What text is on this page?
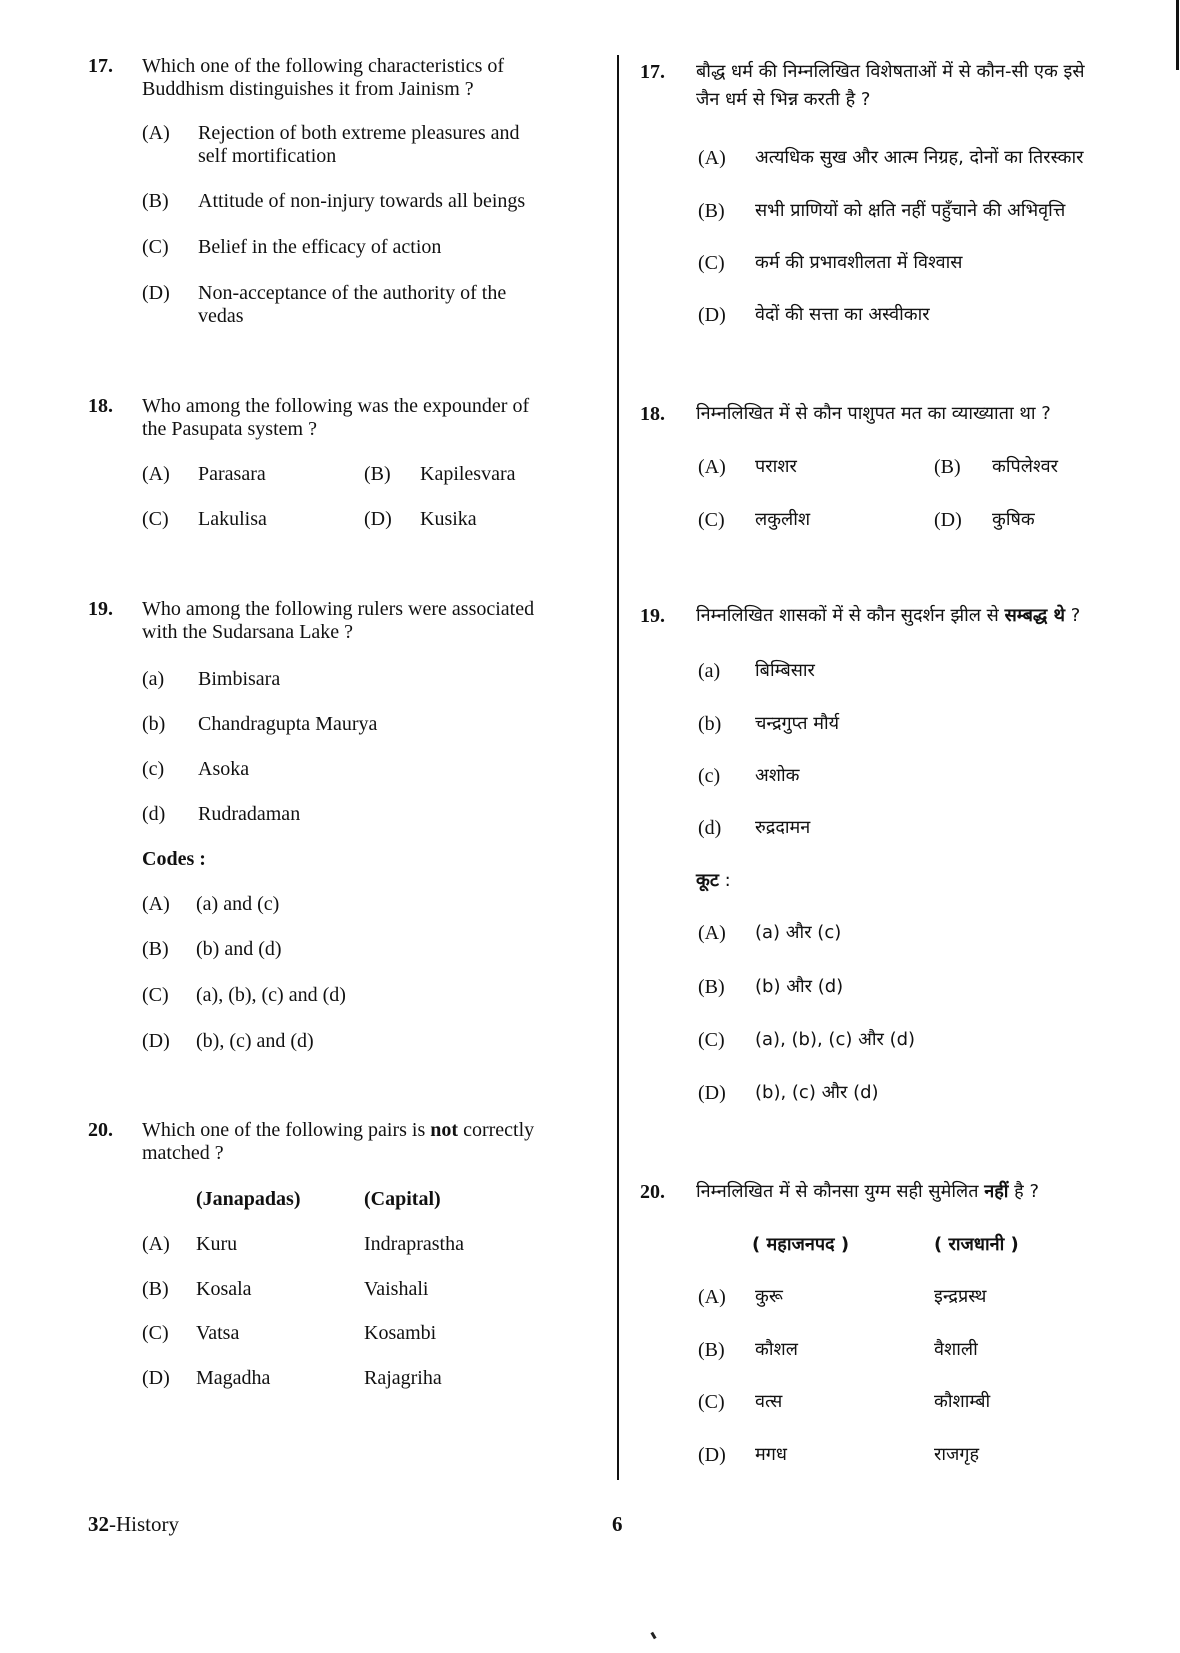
17. Which one of the following characteristics of
Buddhism distinguishes it from Jainism ?
(A) Rejection of both extreme pleasures and
self mortification
(B) Attitude of non-injury towards all beings
(C) Belief in the efficacy of action
(D) Non-acceptance of the authority of the
vedas
18. Who among the following was the expounder of
the Pasupata system ?
(A) Parasara	(B) Kapilesvara
(C) Lakulisa	(D) Kusika
19. Who among the following rulers were associated
with the Sudarsana Lake ?
(a) Bimbisara
(b) Chandragupta Maurya
(c) Asoka
(d) Rudradaman
Codes :
(A) (a) and (c)
(B) (b) and (d)
(C) (a), (b), (c) and (d)
(D) (b), (c) and (d)
20. Which one of the following pairs is not correctly
matched ?
(Janapadas)	(Capital)
(A) Kuru	Indraprastha
(B) Kosala	Vaishali
(C) Vatsa	Kosambi
(D) Magadha	Rajagriha
17. बौद्ध धर्म की निम्नलिखित विशेषताओं में से कौन-सी एक इसे
जैन धर्म से भिन्न करती है ?
(A) अत्यधिक सुख और आत्म निग्रह, दोनों का तिरस्कार
(B) सभी प्राणियों को क्षति नहीं पहुँचाने की अभिवृत्ति
(C) कर्म की प्रभावशीलता में विश्वास
(D) वेदों की सत्ता का अस्वीकार
18. निम्नलिखित में से कौन पाशुपत मत का व्याख्याता था ?
(A) पराशर	(B) कपिलेश्वर
(C) लकुलीश	(D) कुषिक
19. निम्नलिखित शासकों में से कौन सुदर्शन झील से सम्बद्ध थे ?
(a) बिम्बिसार
(b) चन्द्रगुप्त मौर्य
(c) अशोक
(d) रुद्रदामन
कूट :
(A) (a) और (c)
(B) (b) और (d)
(C) (a), (b), (c) और (d)
(D) (b), (c) और (d)
20. निम्नलिखित में से कौनसा युग्म सही सुमेलित नहीं है ?
( महाजनपद )	( राजधानी )
(A) कुरू	इन्द्रप्रस्थ
(B) कौशल	वैशाली
(C) वत्स	कौशाम्बी
(D) मगध	राजगृह
32-History	6
